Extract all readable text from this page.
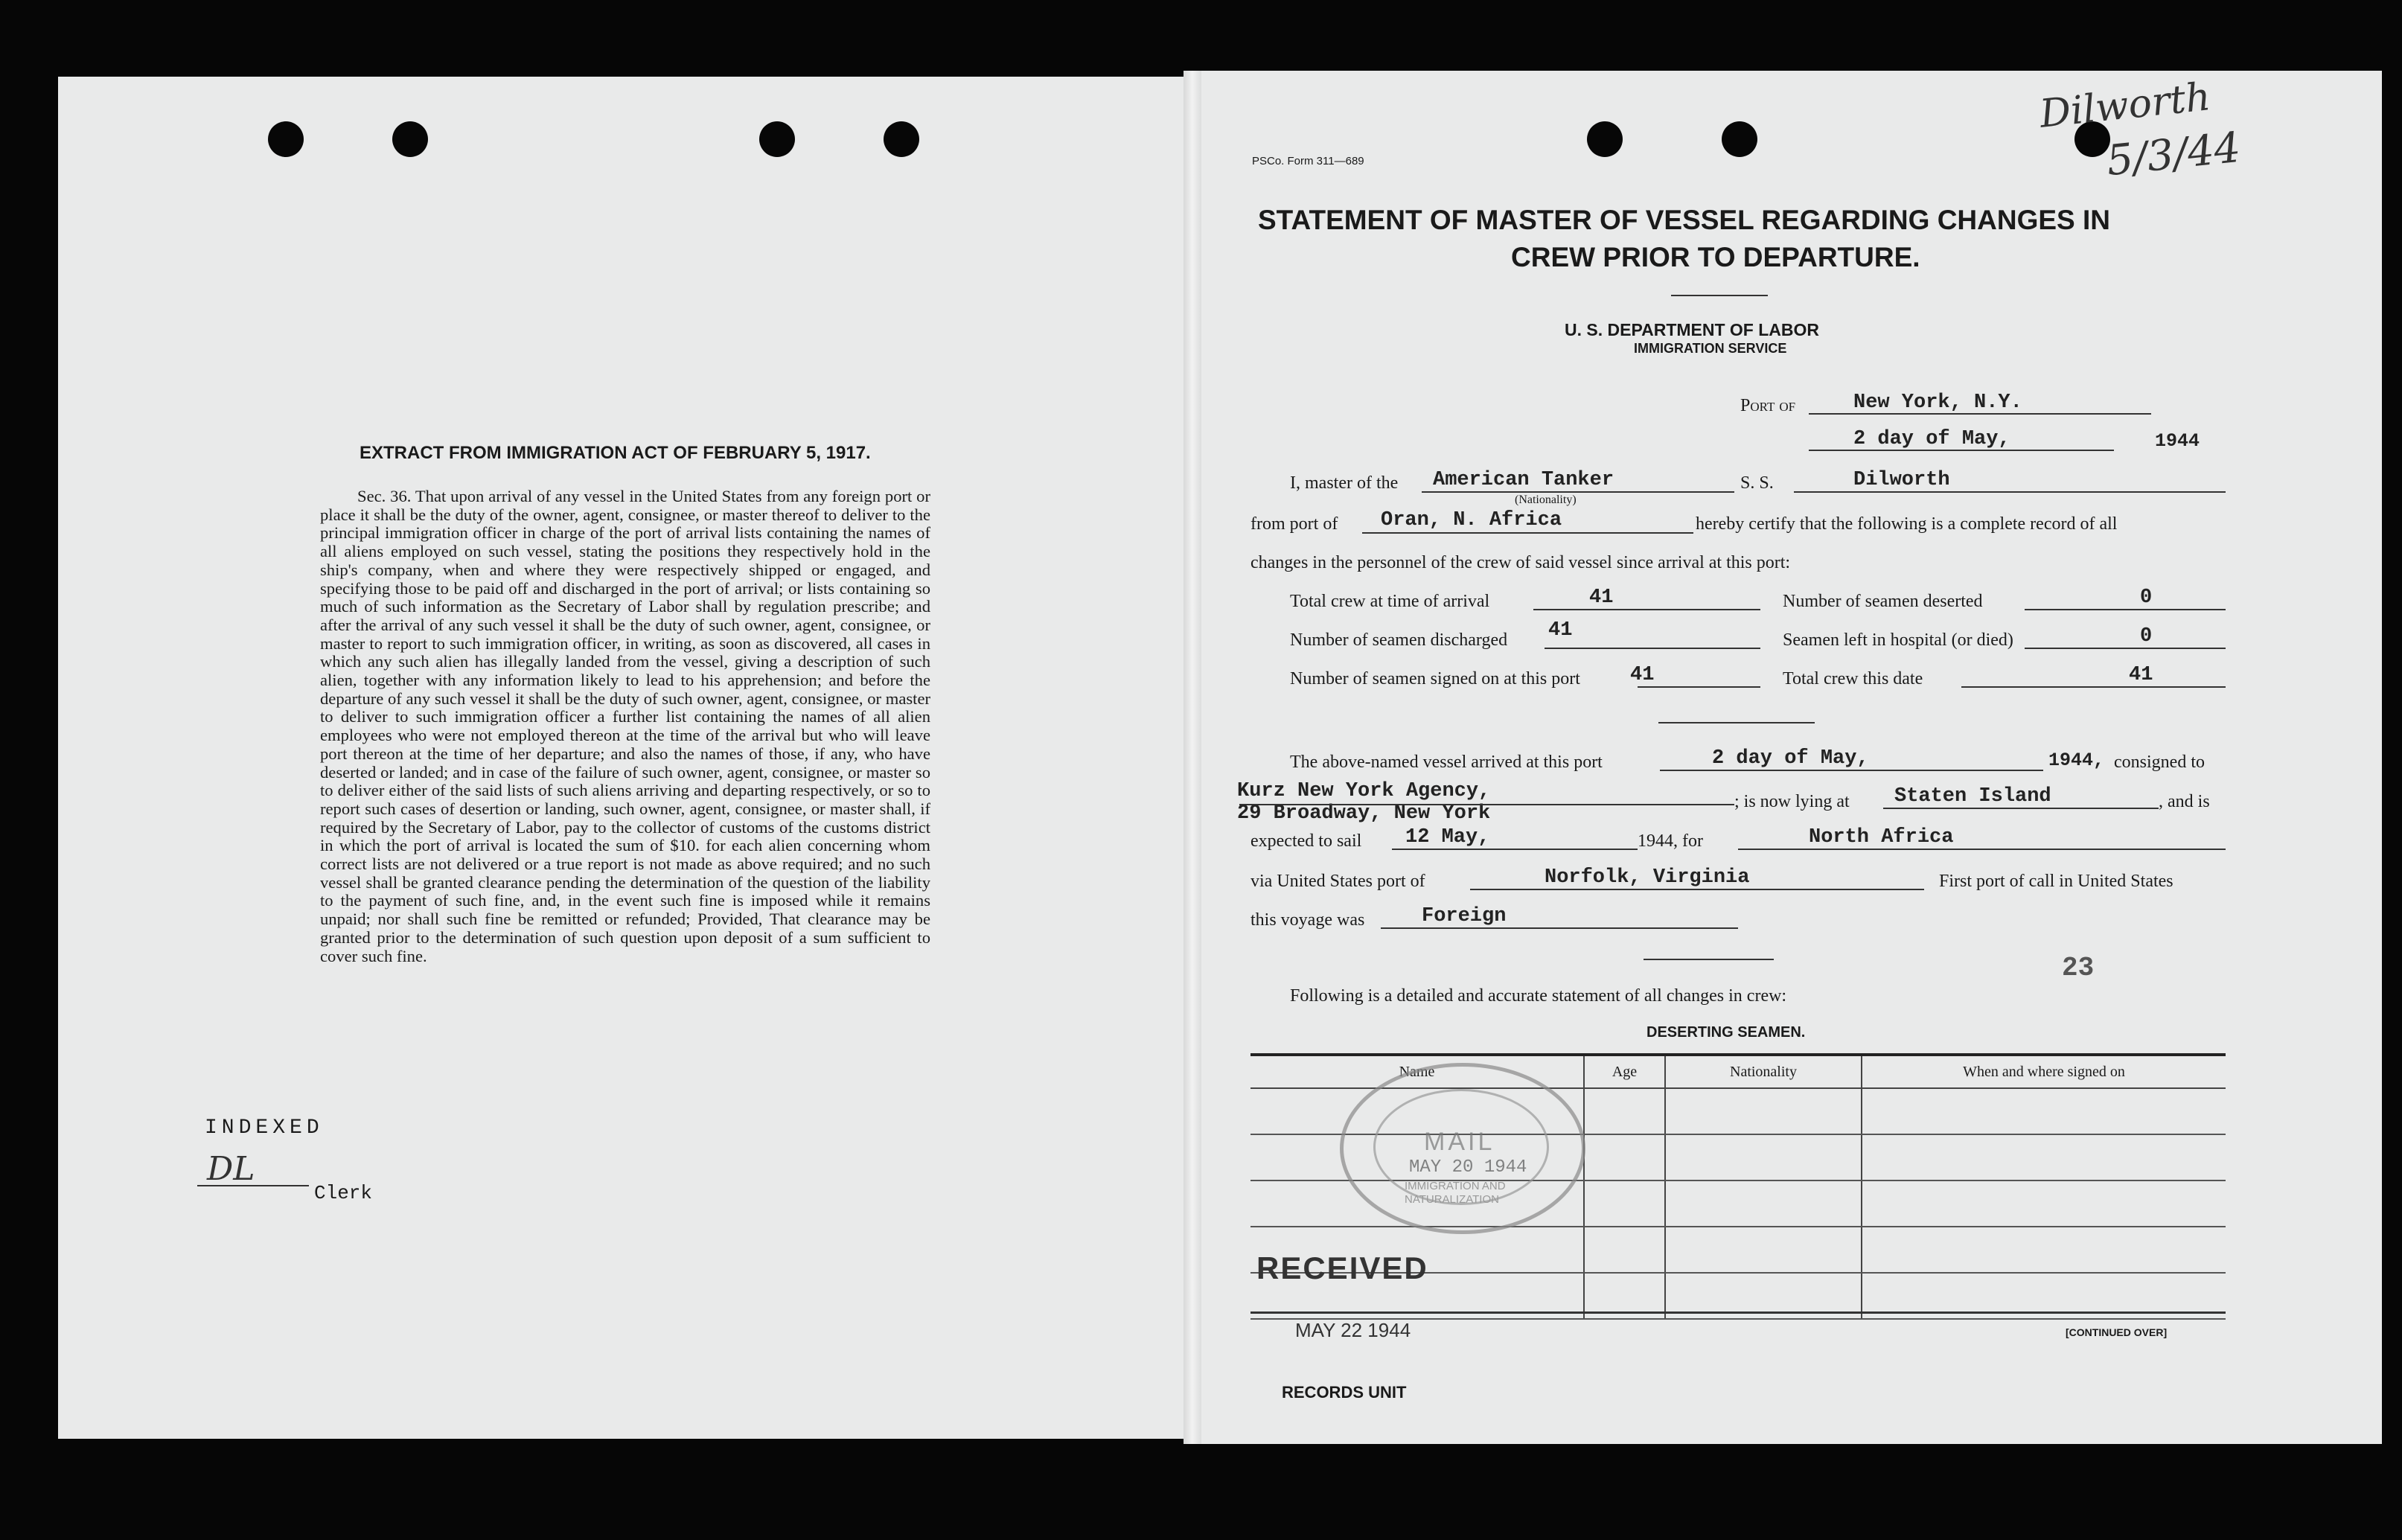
EXTRACT FROM IMMIGRATION ACT OF FEBRUARY 5, 1917.

Sec. 36. That upon arrival of any vessel in the United States from any foreign port or place it shall be the duty of the owner, agent, consignee, or master thereof to deliver to the principal immigration officer in charge of the port of arrival lists containing the names of all aliens employed on such vessel, stating the positions they respectively hold in the ship's company, when and where they were respectively shipped or engaged, and specifying those to be paid off and discharged in the port of arrival; or lists containing so much of such information as the Secretary of Labor shall by regulation prescribe; and after the arrival of any such vessel it shall be the duty of such owner, agent, consignee, or master to report to such immigration officer, in writing, as soon as discovered, all cases in which any such alien has illegally landed from the vessel, giving a description of such alien, together with any information likely to lead to his apprehension; and before the departure of any such vessel it shall be the duty of such owner, agent, consignee, or master to deliver to such immigration officer a further list containing the names of all alien employees who were not employed thereon at the time of the arrival but who will leave port thereon at the time of her departure; and also the names of those, if any, who have deserted or landed; and in case of the failure of such owner, agent, consignee, or master so to deliver either of the said lists of such aliens arriving and departing respectively, or so to report such cases of desertion or landing, such owner, agent, consignee, or master shall, if required by the Secretary of Labor, pay to the collector of customs of the customs district in which the port of arrival is located the sum of $10. for each alien concerning whom correct lists are not delivered or a true report is not made as above required; and no such vessel shall be granted clearance pending the determination of the question of the liability to the payment of such fine, and, in the event such fine is imposed while it remains unpaid; nor shall such fine be remitted or refunded; Provided, That clearance may be granted prior to the determination of such question upon deposit of a sum sufficient to cover such fine.

INDEXED
DL
Clerk
PSCo. Form 311—689
Dilworth
5/3/44
STATEMENT OF MASTER OF VESSEL REGARDING CHANGES IN
CREW PRIOR TO DEPARTURE.
U. S. DEPARTMENT OF LABOR
IMMIGRATION SERVICE
Port of	New York, N.Y.
2 day of May,	1944
I, master of the American Tanker
(Nationality)
S. S.	Dilworth
from port of Oran, N. Africa	hereby certify that the following is a complete record of all
changes in the personnel of the crew of said vessel since arrival at this port:
Total crew at time of arrival	41	Number of seamen deserted	0
Number of seamen discharged 41	Seamen left in hospital (or died)	0
Number of seamen signed on at this port 41	Total crew this date	41
The above-named vessel arrived at this port	2 day of May,	1944, consigned to
Kurz New York Agency,
29 Broadway, New York
; is now lying at Staten Island	, and is
expected to sail 12 May,	1944, for	North Africa
via United States port of	Norfolk, Virginia	First port of call in United States
this voyage was	Foreign
23
Following is a detailed and accurate statement of all changes in crew:
DESERTING SEAMEN.
Name	Age	Nationality	When and where signed on

MAIL
MAY 20 1944
IMMIGRATION AND
NATURALIZATION
RECEIVED
MAY 22 1944	[CONTINUED OVER]
RECORDS UNIT
